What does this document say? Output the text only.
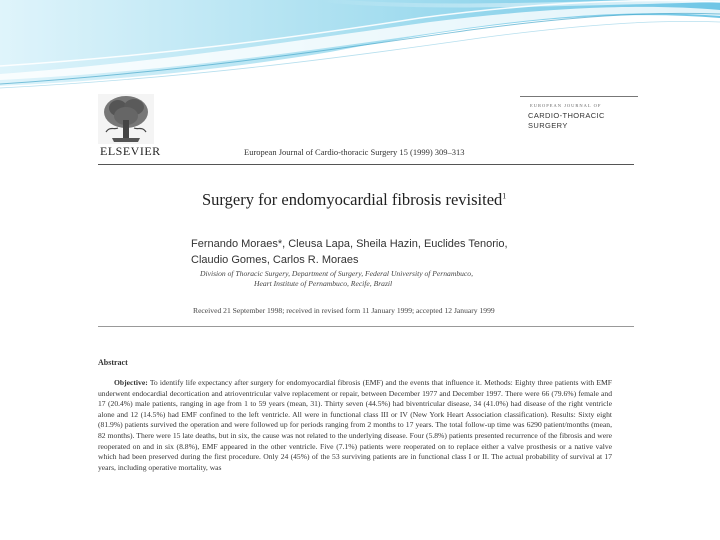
ELSEVIER	European Journal of Cardio-thoracic Surgery 15 (1999) 309–313
EUROPEAN JOURNAL OF
CARDIO-THORACIC
SURGERY
Surgery for endomyocardial fibrosis revisited$^1$
Fernando Moraes*, Cleusa Lapa, Sheila Hazin, Euclides Tenorio,
Claudio Gomes, Carlos R. Moraes
Division of Thoracic Surgery, Department of Surgery, Federal University of Pernambuco,
Heart Institute of Pernambuco, Recife, Brazil
Received 21 September 1998; received in revised form 11 January 1999; accepted 12 January 1999
Abstract
Objective: To identify life expectancy after surgery for endomyocardial fibrosis (EMF) and the events that influence it. Methods: Eighty three patients with EMF underwent endocardial decortication and atrioventricular valve replacement or repair, between December 1977 and December 1997. There were 66 (79.6%) female and 17 (20.4%) male patients, ranging in age from 1 to 59 years (mean, 31). Thirty seven (44.5%) had biventricular disease, 34 (41.0%) had disease of the right ventricle alone and 12 (14.5%) had EMF confined to the left ventricle. All were in functional class III or IV (New York Heart Association classification). Results: Sixty eight (81.9%) patients survived the operation and were followed up for periods ranging from 2 months to 17 years. The total follow-up time was 6290 patient/months (mean, 82 months). There were 15 late deaths, but in six, the cause was not related to the underlying disease. Four (5.8%) patients presented recurrence of the fibrosis and were reoperated on and in six (8.8%), EMF appeared in the other ventricle. Five (7.1%) patients were reoperated on to replace either a valve prosthesis or a native valve which had been preserved during the first procedure. Only 24 (45%) of the 53 surviving patients are in functional class I or II. The actual probability of survival at 17 years, including operative mortality, was
